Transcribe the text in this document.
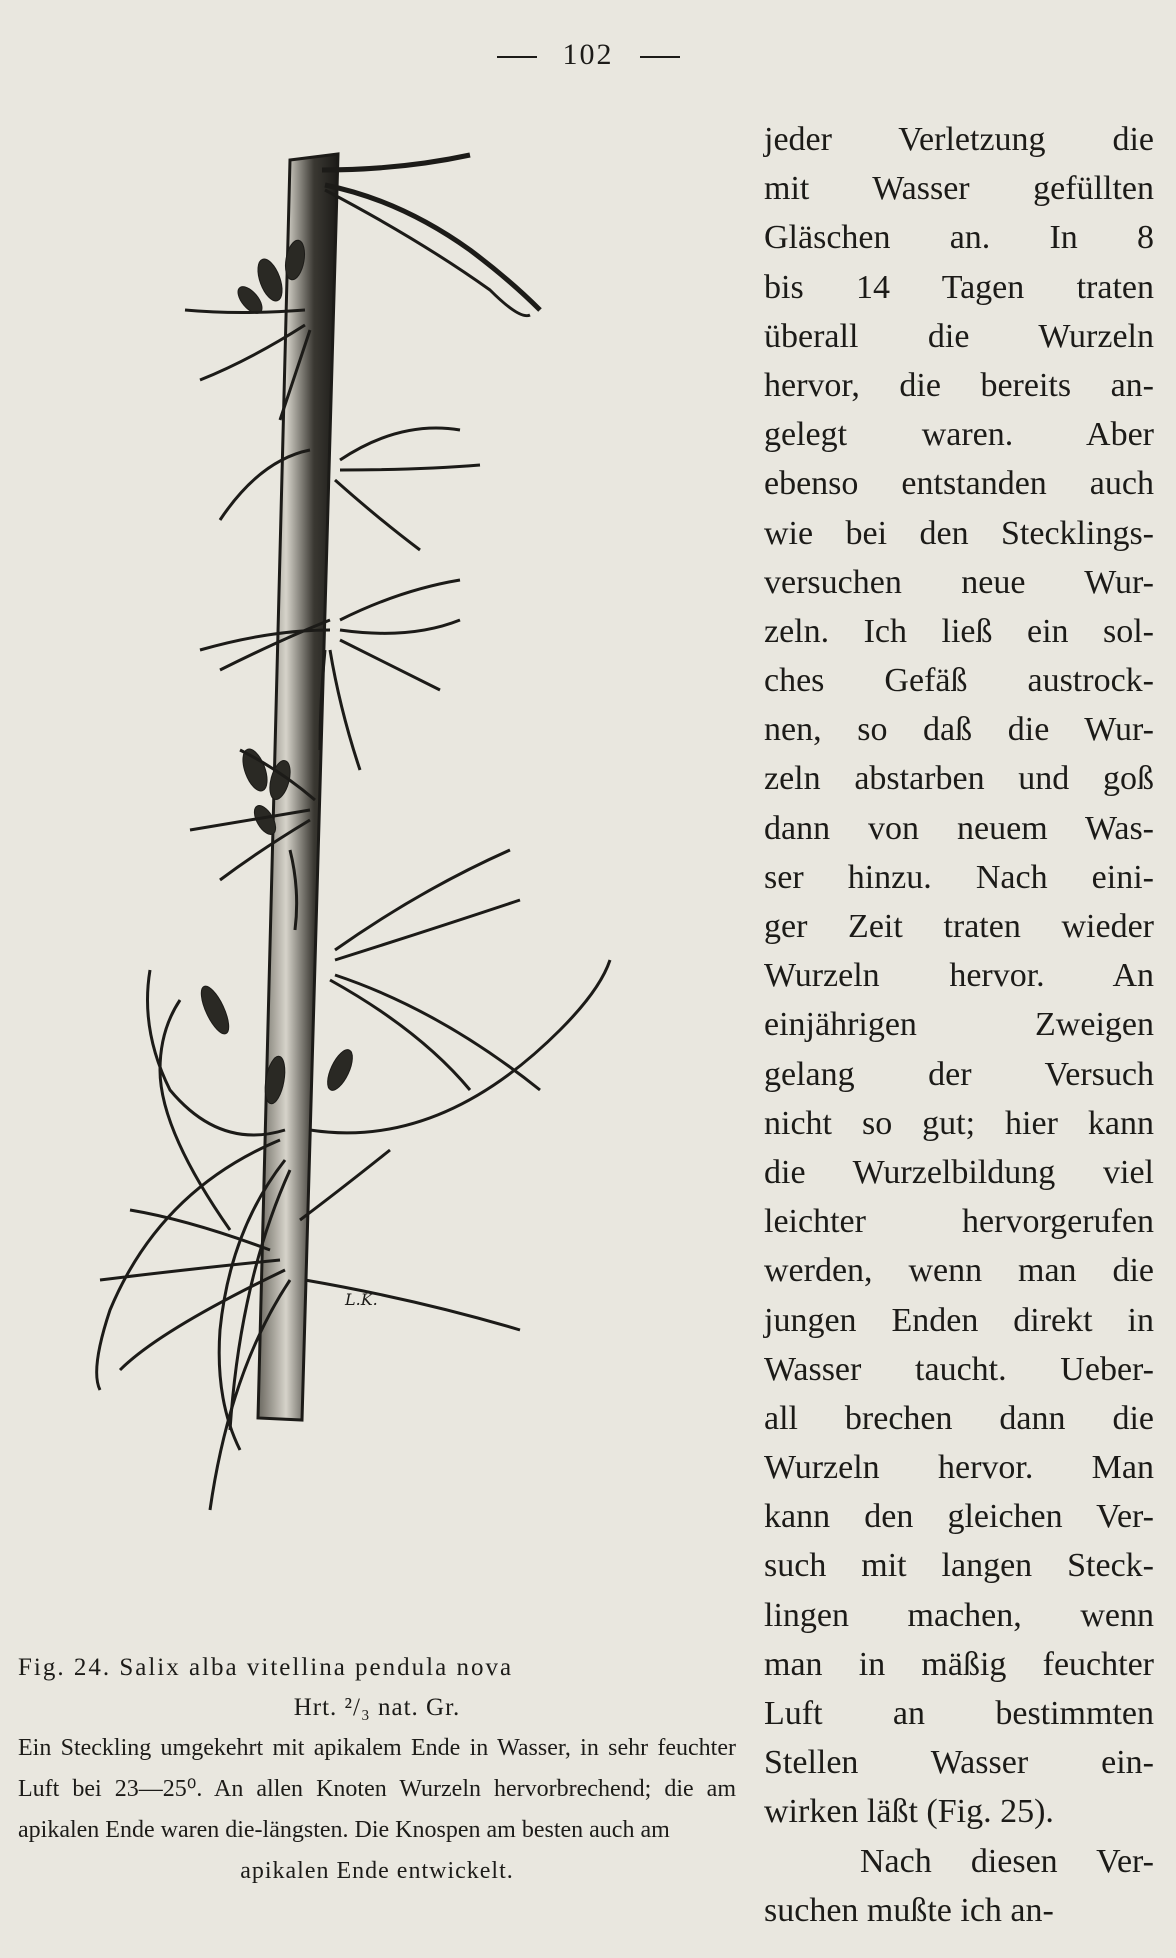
102
L.K.
Fig. 24. Salix alba vitellina pendula nova
Hrt. ²/₃ nat. Gr.
Ein Steckling umgekehrt mit apikalem Ende in Wasser, in sehr feuchter Luft bei 23—25⁰. An allen Knoten Wurzeln hervorbrechend; die am apikalen Ende waren die-längsten. Die Knospen am besten auch am
apikalen Ende entwickelt.
jeder Verletzung die
mit Wasser gefüllten
Gläschen an. In 8
bis 14 Tagen traten
überall die Wurzeln
hervor, die bereits an-
gelegt waren. Aber
ebenso entstanden auch
wie bei den Stecklings-
versuchen neue Wur-
zeln. Ich ließ ein sol-
ches Gefäß austrock-
nen, so daß die Wur-
zeln abstarben und goß
dann von neuem Was-
ser hinzu. Nach eini-
ger Zeit traten wieder
Wurzeln hervor. An
einjährigen Zweigen
gelang der Versuch
nicht so gut; hier kann
die Wurzelbildung viel
leichter hervorgerufen
werden, wenn man die
jungen Enden direkt in
Wasser taucht. Ueber-
all brechen dann die
Wurzeln hervor. Man
kann den gleichen Ver-
such mit langen Steck-
lingen machen, wenn
man in mäßig feuchter
Luft an bestimmten
Stellen Wasser ein-
wirken läßt (Fig. 25).
Nach diesen Ver-
suchen mußte ich an-
